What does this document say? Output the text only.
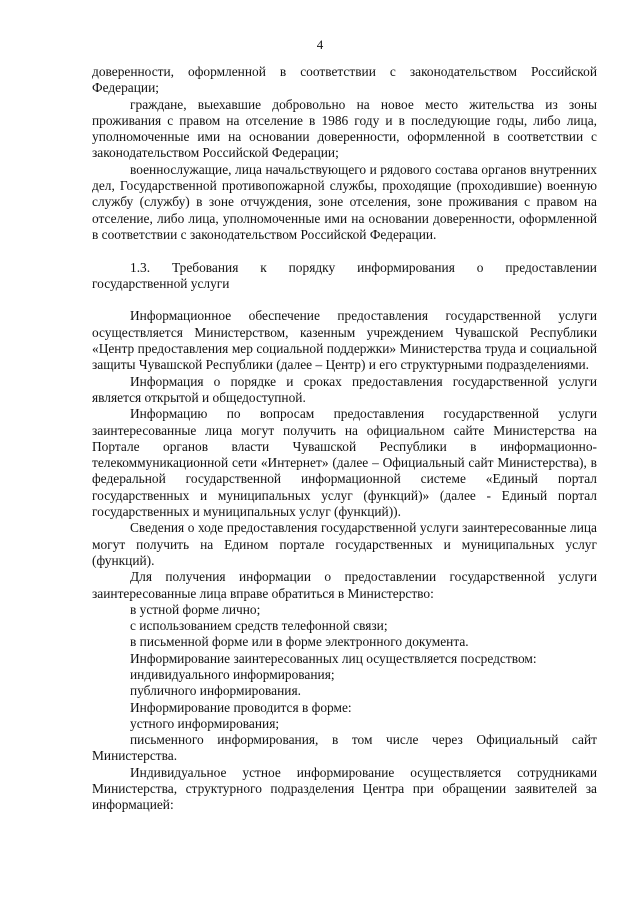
4

доверенности, оформленной в соответствии с законодательством Российской Федерации;

граждане, выехавшие добровольно на новое место жительства из зоны проживания с правом на отселение в 1986 году и в последующие годы, либо лица, уполномоченные ими на основании доверенности, оформленной в соответствии с законодательством Российской Федерации;

военнослужащие, лица начальствующего и рядового состава органов внутренних дел, Государственной противопожарной службы, проходящие (проходившие) военную службу (службу) в зоне отчуждения, зоне отселения, зоне проживания с правом на отселение, либо лица, уполномоченные ими на основании доверенности, оформленной в соответствии с законодательством Российской Федерации.

1.3. Требования к порядку информирования о предоставлении
государственной услуги

Информационное обеспечение предоставления государственной услуги осуществляется Министерством, казенным учреждением Чувашской Республики «Центр предоставления мер социальной поддержки» Министерства труда и социальной защиты Чувашской Республики (далее – Центр) и его структурными подразделениями.

Информация о порядке и сроках предоставления государственной услуги является открытой и общедоступной.

Информацию по вопросам предоставления государственной услуги заинтересованные лица могут получить на официальном сайте Министерства на Портале органов власти Чувашской Республики в информационно-телекоммуникационной сети «Интернет» (далее – Официальный сайт Министерства), в федеральной государственной информационной системе «Единый портал государственных и муниципальных услуг (функций)» (далее - Единый портал государственных и муниципальных услуг (функций)).

Сведения о ходе предоставления государственной услуги заинтересованные лица могут получить на Едином портале государственных и муниципальных услуг (функций).

Для получения информации о предоставлении государственной услуги заинтересованные лица вправе обратиться в Министерство:

в устной форме лично;

с использованием средств телефонной связи;

в письменной форме или в форме электронного документа.

Информирование заинтересованных лиц осуществляется посредством:

индивидуального информирования;

публичного информирования.

Информирование проводится в форме:

устного информирования;

письменного информирования, в том числе через Официальный сайт Министерства.

Индивидуальное устное информирование осуществляется сотрудниками Министерства, структурного подразделения Центра при обращении заявителей за информацией:
